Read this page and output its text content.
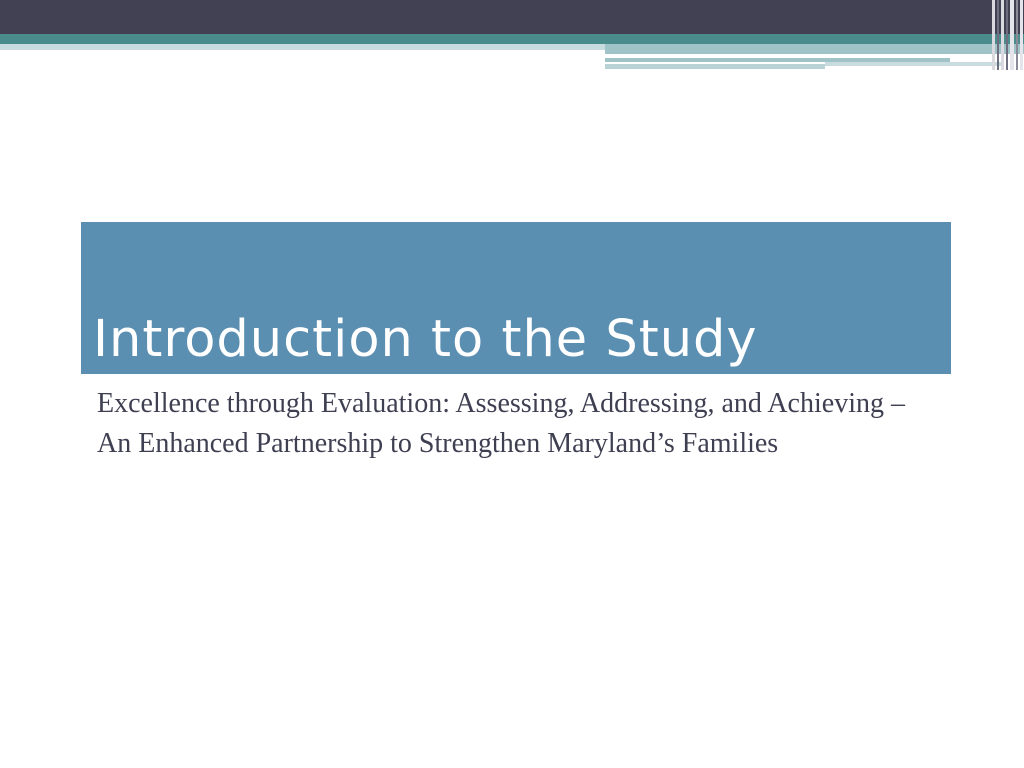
Introduction to the Study

Excellence through Evaluation: Assessing, Addressing, and Achieving – An Enhanced Partnership to Strengthen Maryland’s Families
